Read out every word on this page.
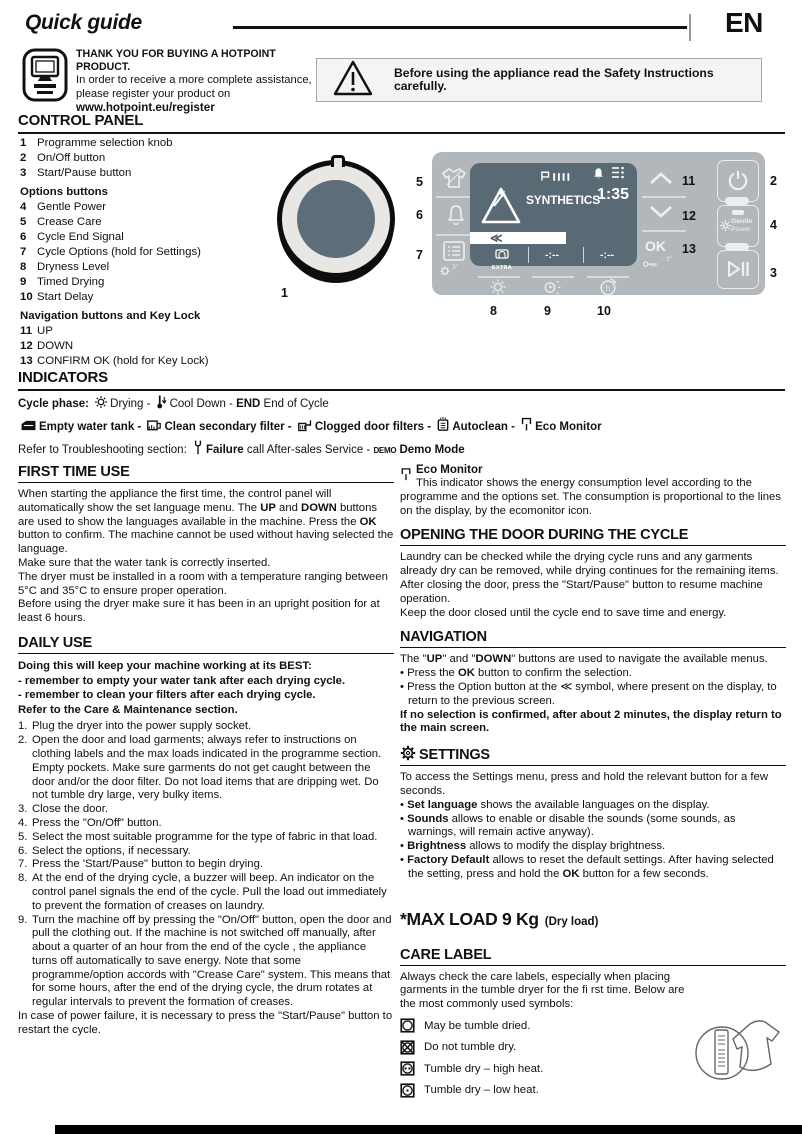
Quick guide	EN
THANK YOU FOR BUYING A HOTPOINT PRODUCT.
In order to receive a more complete assistance, please register your product on
www.hotpoint.eu/register
Before using the appliance read the Safety Instructions carefully.
CONTROL PANEL
1 Programme selection knob
2 On/Off button
3 Start/Pause button
Options buttons
4 Gentle Power
5 Crease Care
6 Cycle End Signal
7 Cycle Options (hold for Settings)
8 Dryness Level
9 Timed Drying
10 Start Delay
Navigation buttons and Key Lock
11 UP
12 DOWN
13 CONFIRM OK (hold for Key Lock)
1
3″
SYNTHETICS
1:35
≪
EXTRA
-:--	-:--
OK
3″
Gentle
Power
h
5
6
7
11
12
13
2
4
3
8	9	10
INDICATORS
Cycle phase: Drying - Cool Down - END End of Cycle
Empty water tank - Clean secondary filter - Clogged door filters - Autoclean - Eco Monitor
Refer to Troubleshooting section: Failure call After-sales Service - DEMO Demo Mode
FIRST TIME USE
When starting the appliance the first time, the control panel will automatically show the set language menu. The UP and DOWN buttons are used to show the languages available in the machine. Press the OK button to confirm. The machine cannot be used without having selected the language.
Make sure that the water tank is correctly inserted.
The dryer must be installed in a room with a temperature ranging between 5°C and 35°C to ensure proper operation.
Before using the dryer make sure it has been in an upright position for at least 6 hours.
DAILY USE
Doing this will keep your machine working at its BEST:
- remember to empty your water tank after each drying cycle.
- remember to clean your filters after each drying cycle.
Refer to the Care & Maintenance section.
1. Plug the dryer into the power supply socket.
2. Open the door and load garments; always refer to instructions on clothing labels and the max loads indicated in the programme section. Empty pockets. Make sure garments do not get caught between the door and/or the door filter. Do not load items that are dripping wet. Do not tumble dry large, very bulky items.
3. Close the door.
4. Press the "On/Off" button.
5. Select the most suitable programme for the type of fabric in that load.
6. Select the options, if necessary.
7. Press the 'Start/Pause" button to begin drying.
8. At the end of the drying cycle, a buzzer will beep. An indicator on the control panel signals the end of the cycle. Pull the load out immediately to prevent the formation of creases on laundry.
9. Turn the machine off by pressing the "On/Off" button, open the door and pull the clothing out. If the machine is not switched off manually, after about a quarter of an hour from the end of the cycle , the appliance turns off automatically to save energy. Note that some programme/option accords with "Crease Care" system. This means that for some hours, after the end of the drying cycle, the drum rotates at regular intervals to prevent the formation of creases.
In case of power failure, it is necessary to press the "Start/Pause" button to restart the cycle.
Eco Monitor
This indicator shows the energy consumption level according to the programme and the options set. The consumption is proportional to the lines on the display, by the ecomonitor icon.
OPENING THE DOOR DURING THE CYCLE
Laundry can be checked while the drying cycle runs and any garments already dry can be removed, while drying continues for the remaining items. After closing the door, press the "Start/Pause" button to resume machine operation.
Keep the door closed until the cycle end to save time and energy.
NAVIGATION
The "UP" and "DOWN" buttons are used to navigate the available menus.
• Press the OK button to confirm the selection.
• Press the Option button at the ≪ symbol, where present on the display, to return to the previous screen.
If no selection is confirmed, after about 2 minutes, the display return to the main screen.
SETTINGS
To access the Settings menu, press and hold the relevant button for a few seconds.
• Set language shows the available languages on the display.
• Sounds allows to enable or disable the sounds (some sounds, as warnings, will remain active anyway).
• Brightness allows to modify the display brightness.
• Factory Default allows to reset the default settings. After having selected the setting, press and hold the OK button for a few seconds.
*MAX LOAD 9 Kg (Dry load)
CARE LABEL
Always check the care labels, especially when placing garments in the tumble dryer for the fi rst time. Below are the most commonly used symbols:
May be tumble dried.
Do not tumble dry.
Tumble dry – high heat.
Tumble dry – low heat.
